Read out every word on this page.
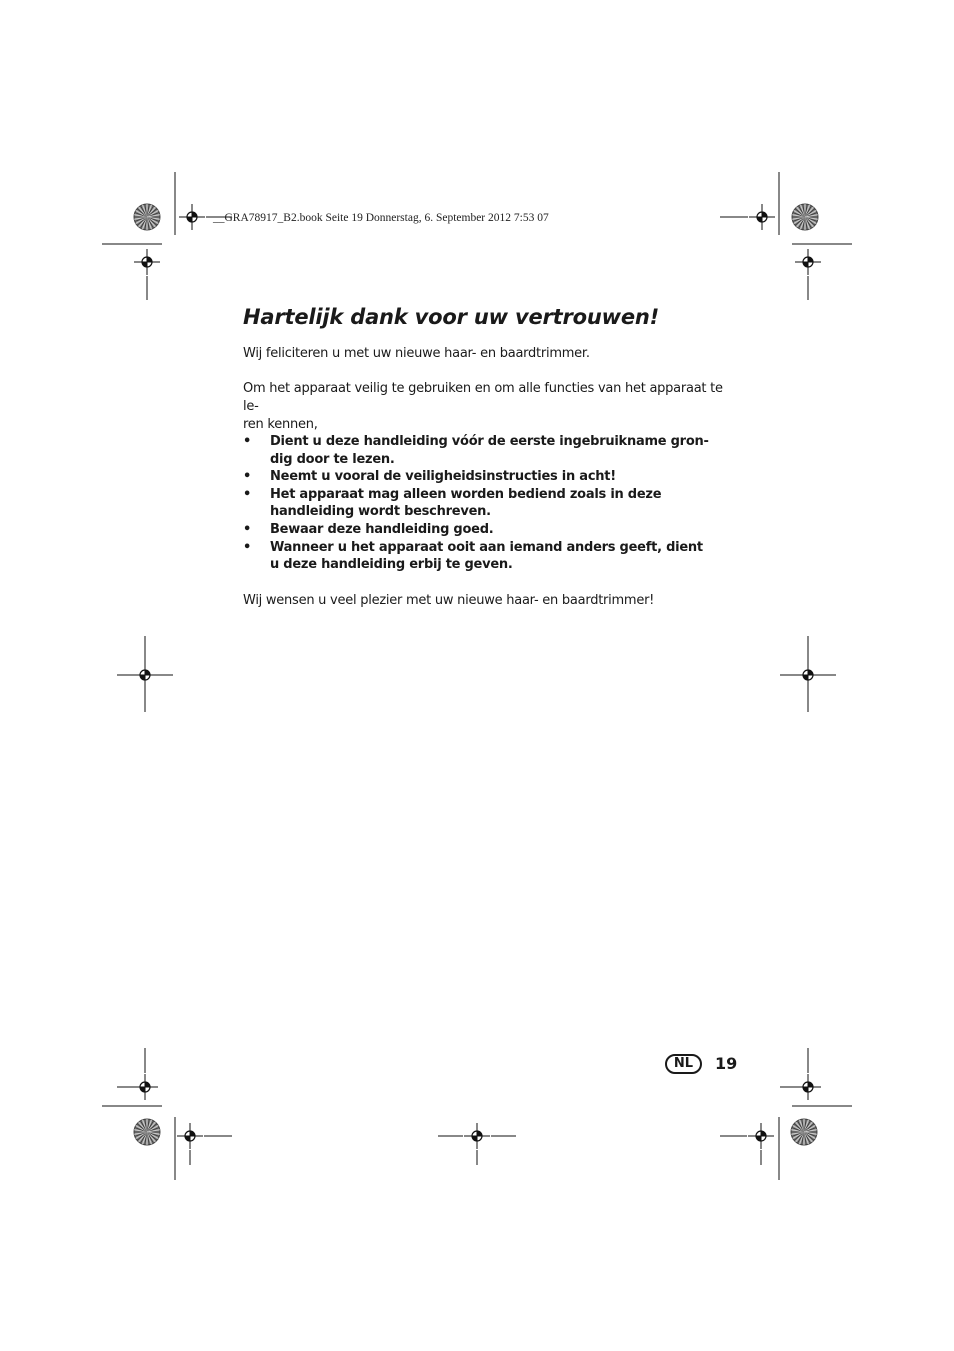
__GRA78917_B2.book Seite 19 Donnerstag, 6. September 2012 7:53 07
Hartelijk dank voor uw vertrouwen!

Wij feliciteren u met uw nieuwe haar- en baardtrimmer.

Om het apparaat veilig te gebruiken en om alle functies van het apparaat te le-
ren kennen,

• Dient u deze handleiding vóór de eerste ingebruikname gron-
dig door te lezen.
• Neemt u vooral de veiligheidsinstructies in acht!
• Het apparaat mag alleen worden bediend zoals in deze
handleiding wordt beschreven.
• Bewaar deze handleiding goed.
• Wanneer u het apparaat ooit aan iemand anders geeft, dient
u deze handleiding erbij te geven.

Wij wensen u veel plezier met uw nieuwe haar- en baardtrimmer!

NL	19
